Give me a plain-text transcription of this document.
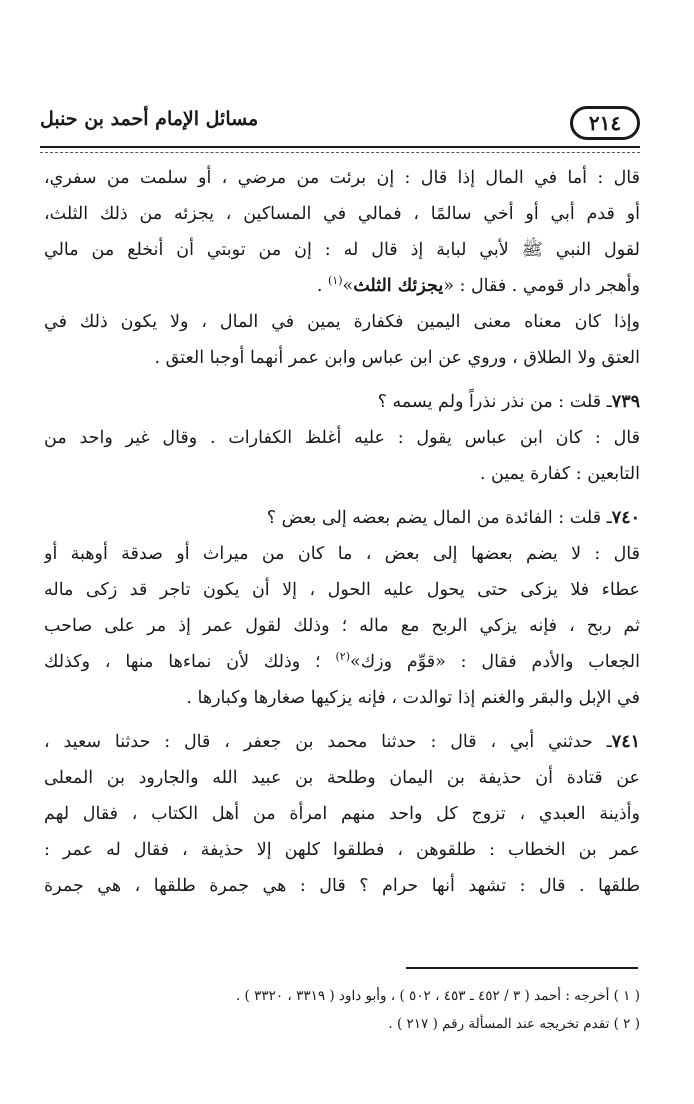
٢١٤
مسائل الإمام أحمد بن حنبل
قال : أما في المال إذا قال : إن برئت من مرضي ، أو سلمت من سفري،
أو قدم أبي أو أخي سالمًا ، فمالي في المساكين ، يجزئه من ذلك الثلث،
لقول النبي ﷺ لأبي لبابة إذ قال له : إن من توبتي أن أنخلع من مالي
وأهجر دار قومي . فقال : «يجزئك الثلث»$^{(١)}$ .
وإذا كان معناه معنى اليمين فكفارة يمين في المال ، ولا يكون ذلك في
العتق ولا الطلاق ، وروي عن ابن عباس وابن عمر أنهما أوجبا العتق .
٧٣٩ـ قلت : من نذر نذراً ولم يسمه ؟
قال : كان ابن عباس يقول : عليه أغلظ الكفارات . وقال غير واحد من
التابعين : كفارة يمين .
٧٤٠ـ قلت : الفائدة من المال يضم بعضه إلى بعض ؟
قال : لا يضم بعضها إلى بعض ، ما كان من ميراث أو صدقة أوهبة أو
عطاء فلا يزكى حتى يحول عليه الحول ، إلا أن يكون تاجر قد زكى ماله
ثم ربح ، فإنه يزكي الربح مع ماله ؛ وذلك لقول عمر إذ مر على صاحب
الجعاب والأدم فقال : «قوِّم وزك»$^{(٢)}$ ؛ وذلك لأن نماءها منها ، وكذلك
في الإبل والبقر والغنم إذا توالدت ، فإنه يزكيها صغارها وكبارها .
٧٤١ـ حدثني أبي ، قال : حدثنا محمد بن جعفر ، قال : حدثنا سعيد ،
عن قتادة أن حذيفة بن اليمان وطلحة بن عبيد الله والجارود بن المعلى
وأذينة العبدي ، تزوج كل واحد منهم امرأة من أهل الكتاب ، فقال لهم
عمر بن الخطاب : طلقوهن ، فطلقوا كلهن إلا حذيفة ، فقال له عمر :
طلقها . قال : تشهد أنها حرام ؟ قال : هي جمرة طلقها ، هي جمرة
( ١ ) أخرجه : أحمد ( ٣ / ٤٥٢ ـ ٤٥٣ ، ٥٠٢ ) ، وأبو داود ( ٣٣١٩ ، ٣٣٢٠ ) .
( ٢ ) تقدم تخريجه عند المسألة رقم ( ٢١٧ ) .
